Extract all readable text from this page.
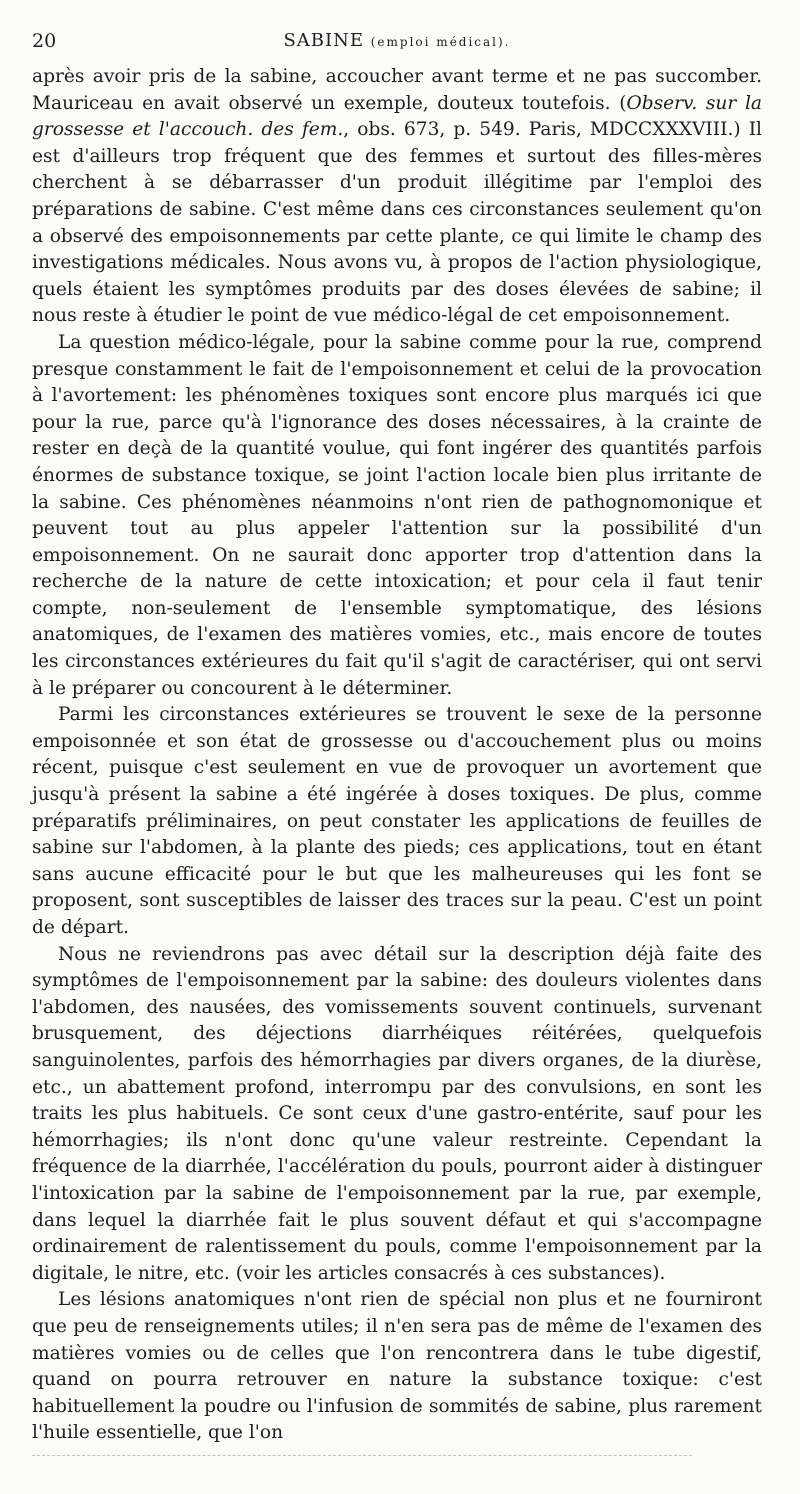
20	SABINE (emploi médical).

après avoir pris de la sabine, accoucher avant terme et ne pas succomber. Mauriceau en avait observé un exemple, douteux toutefois. (Observ. sur la grossesse et l'accouch. des fem., obs. 673, p. 549. Paris, MDCCXXXVIII.) Il est d'ailleurs trop fréquent que des femmes et surtout des filles-mères cherchent à se débarrasser d'un produit illégitime par l'emploi des préparations de sabine. C'est même dans ces circonstances seulement qu'on a observé des empoisonnements par cette plante, ce qui limite le champ des investigations médicales. Nous avons vu, à propos de l'action physiologique, quels étaient les symptômes produits par des doses élevées de sabine; il nous reste à étudier le point de vue médico-légal de cet empoisonnement.

La question médico-légale, pour la sabine comme pour la rue, comprend presque constamment le fait de l'empoisonnement et celui de la provocation à l'avortement: les phénomènes toxiques sont encore plus marqués ici que pour la rue, parce qu'à l'ignorance des doses nécessaires, à la crainte de rester en deçà de la quantité voulue, qui font ingérer des quantités parfois énormes de substance toxique, se joint l'action locale bien plus irritante de la sabine. Ces phénomènes néanmoins n'ont rien de pathognomonique et peuvent tout au plus appeler l'attention sur la possibilité d'un empoisonnement. On ne saurait donc apporter trop d'attention dans la recherche de la nature de cette intoxication; et pour cela il faut tenir compte, non-seulement de l'ensemble symptomatique, des lésions anatomiques, de l'examen des matières vomies, etc., mais encore de toutes les circonstances extérieures du fait qu'il s'agit de caractériser, qui ont servi à le préparer ou concourent à le déterminer.

Parmi les circonstances extérieures se trouvent le sexe de la personne empoisonnée et son état de grossesse ou d'accouchement plus ou moins récent, puisque c'est seulement en vue de provoquer un avortement que jusqu'à présent la sabine a été ingérée à doses toxiques. De plus, comme préparatifs préliminaires, on peut constater les applications de feuilles de sabine sur l'abdomen, à la plante des pieds; ces applications, tout en étant sans aucune efficacité pour le but que les malheureuses qui les font se proposent, sont susceptibles de laisser des traces sur la peau. C'est un point de départ.

Nous ne reviendrons pas avec détail sur la description déjà faite des symptômes de l'empoisonnement par la sabine: des douleurs violentes dans l'abdomen, des nausées, des vomissements souvent continuels, survenant brusquement, des déjections diarrhéiques réitérées, quelquefois sanguinolentes, parfois des hémorrhagies par divers organes, de la diurèse, etc., un abattement profond, interrompu par des convulsions, en sont les traits les plus habituels. Ce sont ceux d'une gastro-entérite, sauf pour les hémorrhagies; ils n'ont donc qu'une valeur restreinte. Cependant la fréquence de la diarrhée, l'accélération du pouls, pourront aider à distinguer l'intoxication par la sabine de l'empoisonnement par la rue, par exemple, dans lequel la diarrhée fait le plus souvent défaut et qui s'accompagne ordinairement de ralentissement du pouls, comme l'empoisonnement par la digitale, le nitre, etc. (voir les articles consacrés à ces substances).

Les lésions anatomiques n'ont rien de spécial non plus et ne fourniront que peu de renseignements utiles; il n'en sera pas de même de l'examen des matières vomies ou de celles que l'on rencontrera dans le tube digestif, quand on pourra retrouver en nature la substance toxique: c'est habituellement la poudre ou l'infusion de sommités de sabine, plus rarement l'huile essentielle, que l'on
